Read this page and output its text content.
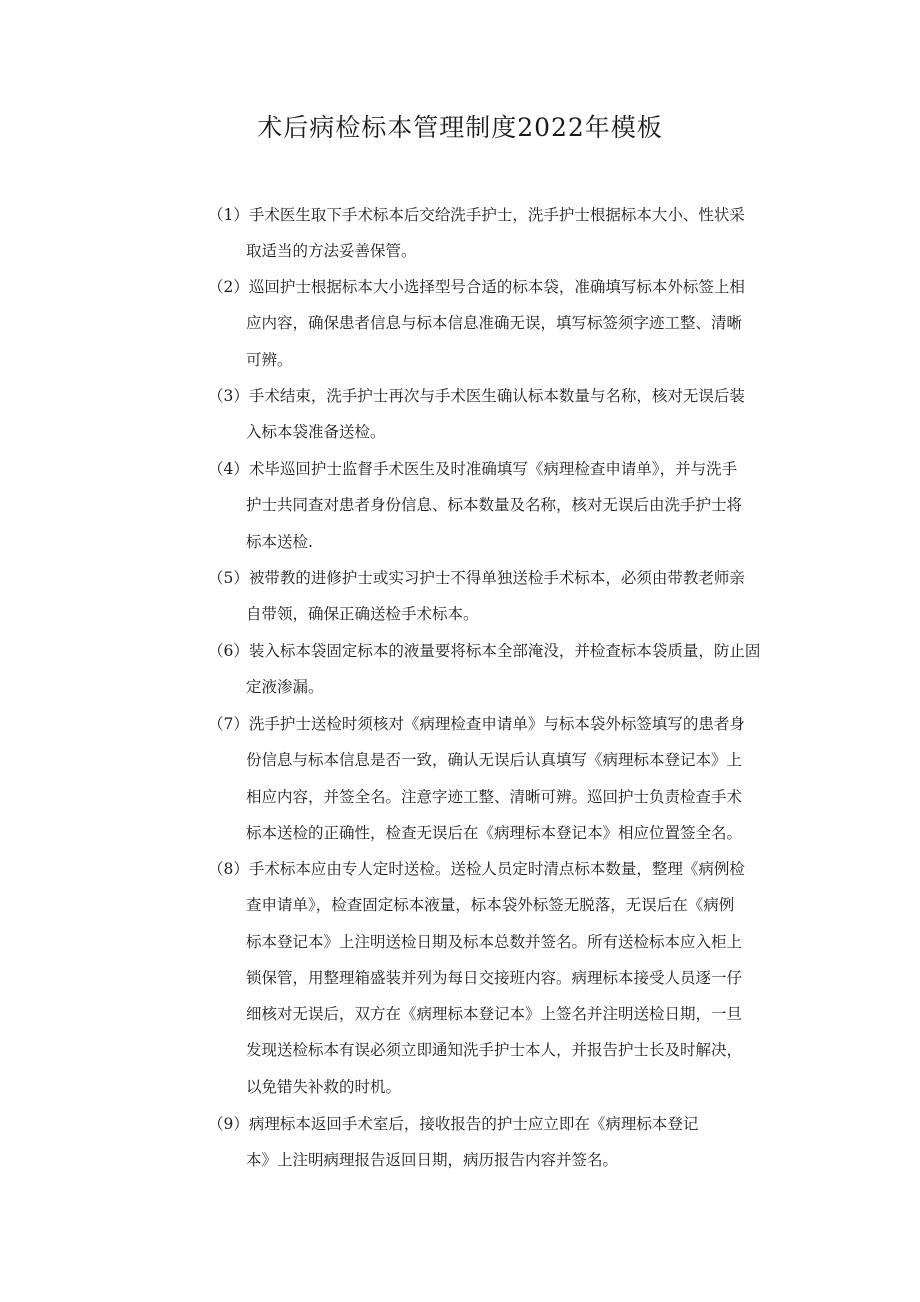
术后病检标本管理制度2022年模板
（1）手术医生取下手术标本后交给洗手护士，洗手护士根据标本大小、性状采
取适当的方法妥善保管。
（2）巡回护士根据标本大小选择型号合适的标本袋，准确填写标本外标签上相
应内容，确保患者信息与标本信息准确无误，填写标签须字迹工整、清晰
可辨。
（3）手术结束，洗手护士再次与手术医生确认标本数量与名称，核对无误后装
入标本袋准备送检。
（4）术毕巡回护士监督手术医生及时准确填写《病理检查申请单》，并与洗手
护士共同查对患者身份信息、标本数量及名称，核对无误后由洗手护士将
标本送检.
（5）被带教的进修护士或实习护士不得单独送检手术标本，必须由带教老师亲
自带领，确保正确送检手术标本。
（6）装入标本袋固定标本的液量要将标本全部淹没，并检查标本袋质量，防止固
定液渗漏。
（7）洗手护士送检时须核对《病理检查申请单》与标本袋外标签填写的患者身
份信息与标本信息是否一致，确认无误后认真填写《病理标本登记本》上
相应内容，并签全名。注意字迹工整、清晰可辨。巡回护士负责检查手术
标本送检的正确性，检查无误后在《病理标本登记本》相应位置签全名。
（8）手术标本应由专人定时送检。送检人员定时清点标本数量，整理《病例检
查申请单》，检查固定标本液量，标本袋外标签无脱落，无误后在《病例
标本登记本》上注明送检日期及标本总数并签名。所有送检标本应入柜上
锁保管，用整理箱盛装并列为每日交接班内容。病理标本接受人员逐一仔
细核对无误后，双方在《病理标本登记本》上签名并注明送检日期，一旦
发现送检标本有误必须立即通知洗手护士本人，并报告护士长及时解决，
以免错失补救的时机。
（9）病理标本返回手术室后，接收报告的护士应立即在《病理标本登记
本》上注明病理报告返回日期，病历报告内容并签名。
